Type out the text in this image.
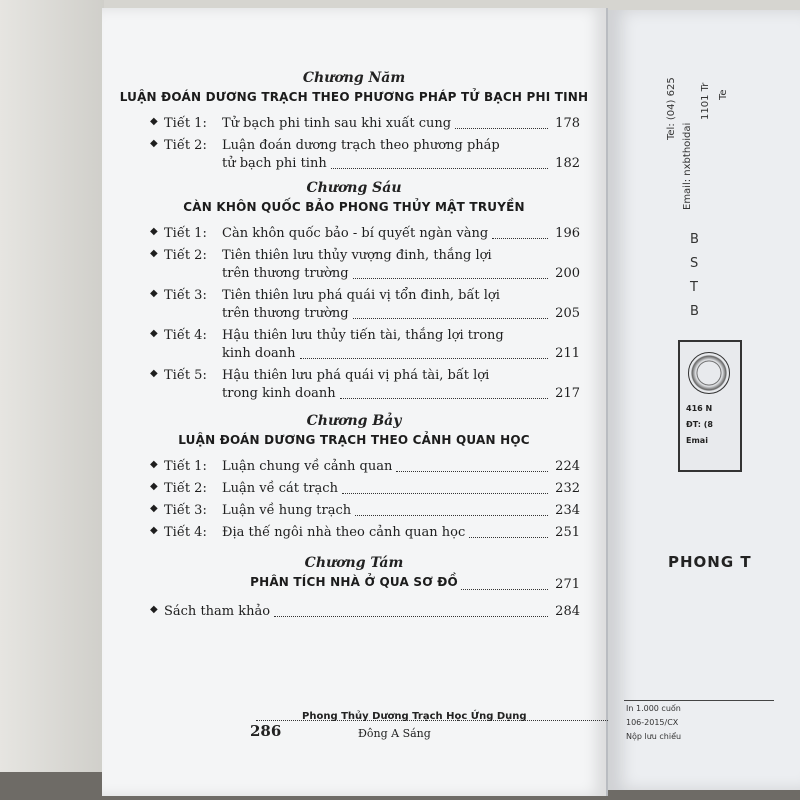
Chương Năm
LUẬN ĐOÁN DƯƠNG TRẠCH THEO PHƯƠNG PHÁP TỬ BẠCH PHI TINH
◆ Tiết 1: Tử bạch phi tinh sau khi xuất cung	178
◆ Tiết 2: Luận đoán dương trạch theo phương pháp
tử bạch phi tinh	182
Chương Sáu
CÀN KHÔN QUỐC BẢO PHONG THỦY MẬT TRUYỀN
◆ Tiết 1: Càn khôn quốc bảo - bí quyết ngàn vàng	196
◆ Tiết 2: Tiên thiên lưu thủy vượng đinh, thắng lợi
trên thương trường	200
◆ Tiết 3: Tiên thiên lưu phá quái vị tổn đinh, bất lợi
trên thương trường	205
◆ Tiết 4: Hậu thiên lưu thủy tiến tài, thắng lợi trong
kinh doanh	211
◆ Tiết 5: Hậu thiên lưu phá quái vị phá tài, bất lợi
trong kinh doanh	217
Chương Bảy
LUẬN ĐOÁN DƯƠNG TRẠCH THEO CẢNH QUAN HỌC
◆ Tiết 1: Luận chung về cảnh quan	224
◆ Tiết 2: Luận về cát trạch	232
◆ Tiết 3: Luận về hung trạch	234
◆ Tiết 4: Địa thế ngôi nhà theo cảnh quan học	251
Chương Tám
PHÂN TÍCH NHÀ Ở QUA SƠ ĐỒ	271
◆ Sách tham khảo	284
Phong Thủy Dương Trạch Học Ứng Dụng
286	Đông A Sáng
416 N
ĐT: (8
Emai
PHONG T
Tel: (04) 625
Email: nxbthoidai
1101 Tr Te
B
S
T
B
In 1.000 cuốn
106-2015/CX
Nộp lưu chiểu
